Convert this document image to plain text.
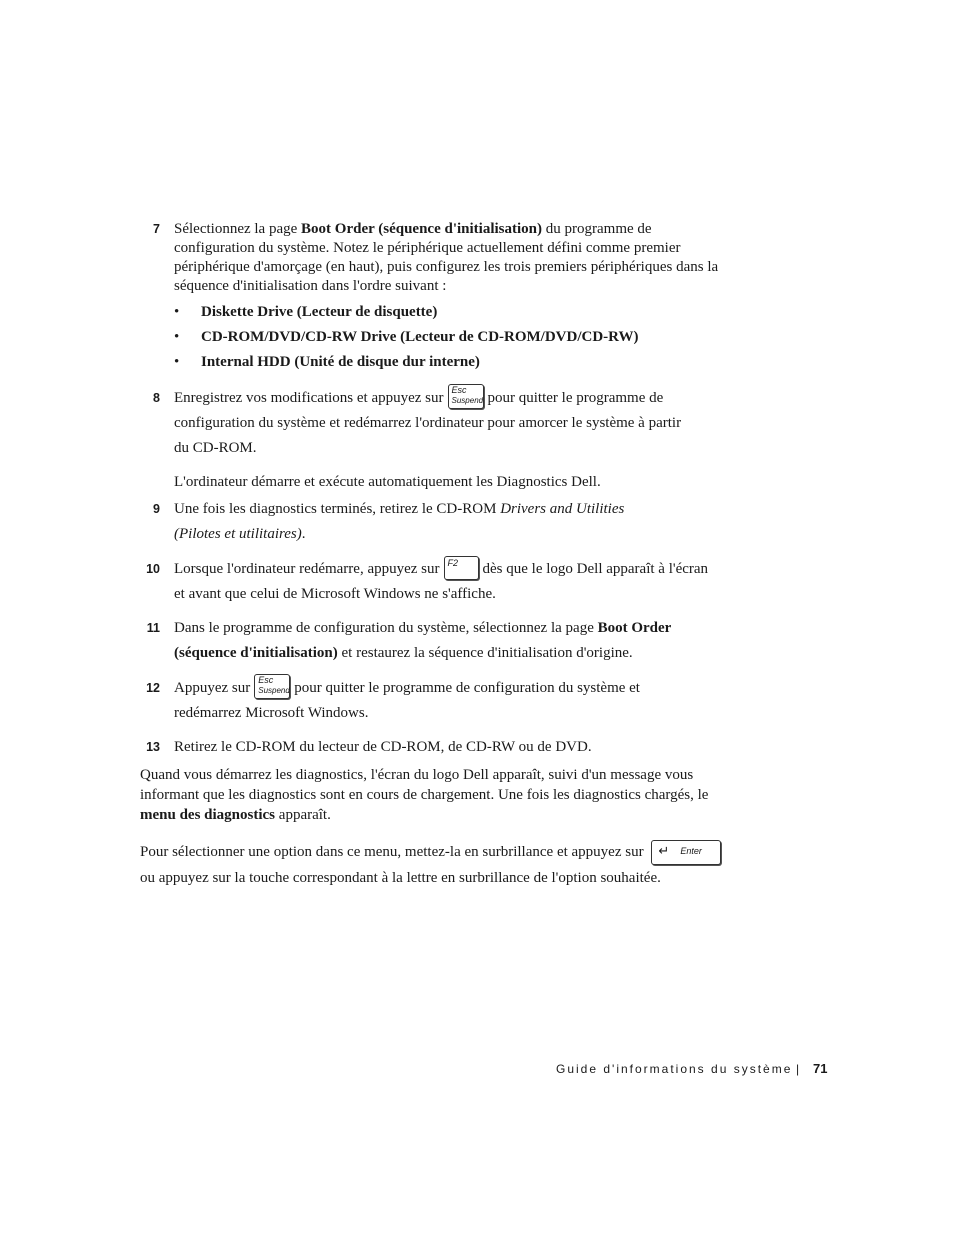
7 Sélectionnez la page Boot Order (séquence d'initialisation) du programme de configuration du système. Notez le périphérique actuellement défini comme premier périphérique d'amorçage (en haut), puis configurez les trois premiers périphériques dans la séquence d'initialisation dans l'ordre suivant :
• Diskette Drive (Lecteur de disquette)
• CD-ROM/DVD/CD-RW Drive (Lecteur de CD-ROM/DVD/CD-RW)
• Internal HDD (Unité de disque dur interne)
8 Enregistrez vos modifications et appuyez sur Esc
Suspend pour quitter le programme de configuration du système et redémarrez l'ordinateur pour amorcer le système à partir du CD-ROM.
L'ordinateur démarre et exécute automatiquement les Diagnostics Dell.
9 Une fois les diagnostics terminés, retirez le CD-ROM Drivers and Utilities (Pilotes et utilitaires).
10 Lorsque l'ordinateur redémarre, appuyez sur F2 dès que le logo Dell apparaît à l'écran et avant que celui de Microsoft Windows ne s'affiche.
11 Dans le programme de configuration du système, sélectionnez la page Boot Order (séquence d'initialisation) et restaurez la séquence d'initialisation d'origine.
12 Appuyez sur Esc
Suspend pour quitter le programme de configuration du système et redémarrez Microsoft Windows.
13 Retirez le CD-ROM du lecteur de CD-ROM, de CD-RW ou de DVD.
Quand vous démarrez les diagnostics, l'écran du logo Dell apparaît, suivi d'un message vous informant que les diagnostics sont en cours de chargement. Une fois les diagnostics chargés, le menu des diagnostics apparaît.
Pour sélectionner une option dans ce menu, mettez-la en surbrillance et appuyez sur ↵ Enter
ou appuyez sur la touche correspondant à la lettre en surbrillance de l'option souhaitée.
Guide d'informations du système | 71
